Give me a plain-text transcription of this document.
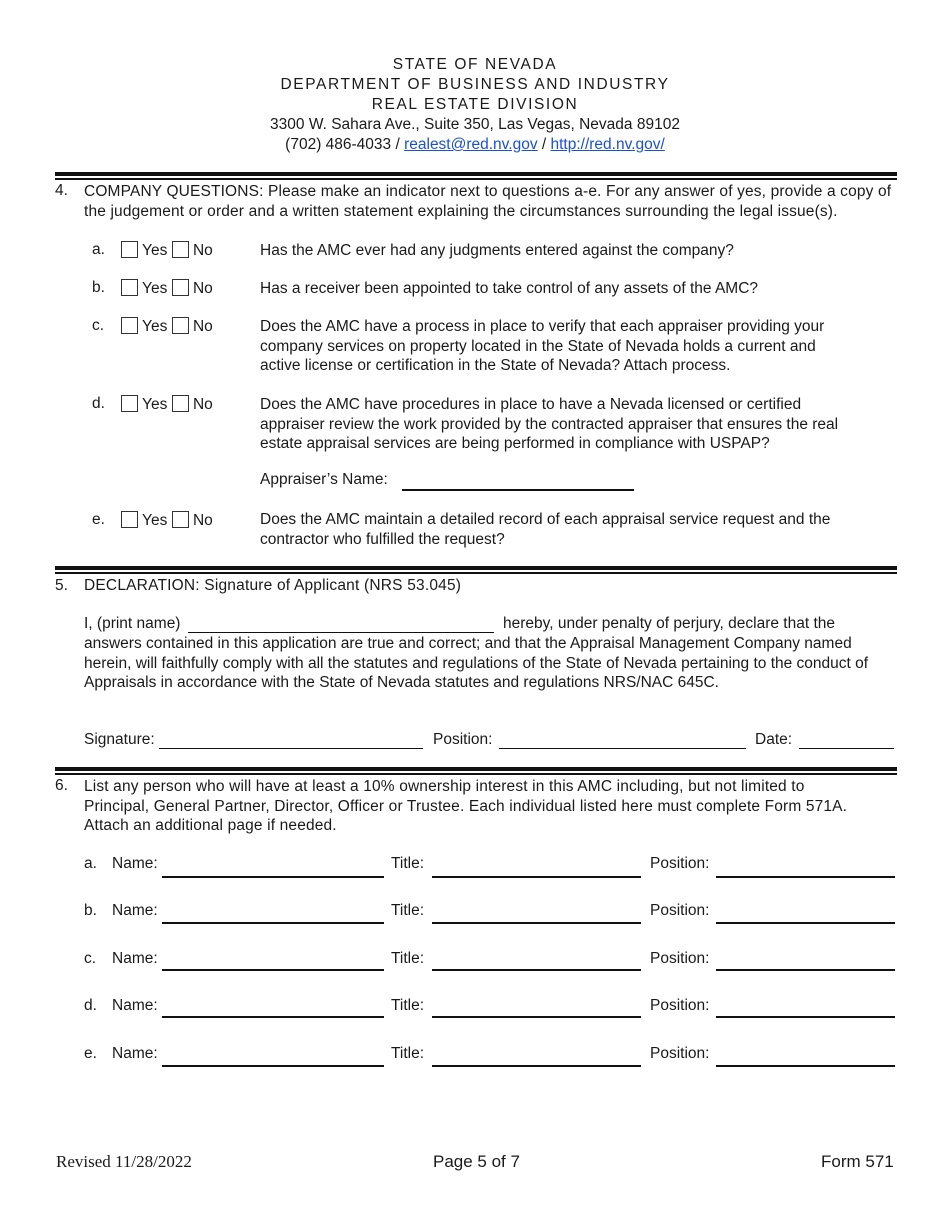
STATE OF NEVADA
DEPARTMENT OF BUSINESS AND INDUSTRY
REAL ESTATE DIVISION
3300 W. Sahara Ave., Suite 350, Las Vegas, Nevada 89102
(702) 486-4033 / realest@red.nv.gov / http://red.nv.gov/
4. COMPANY QUESTIONS: Please make an indicator next to questions a-e. For any answer of yes, provide a copy of the judgement or order and a written statement explaining the circumstances surrounding the legal issue(s).
a.	Yes No	Has the AMC ever had any judgments entered against the company?
b.	Yes No	Has a receiver been appointed to take control of any assets of the AMC?
c.	Yes No	Does the AMC have a process in place to verify that each appraiser providing your company services on property located in the State of Nevada holds a current and active license or certification in the State of Nevada? Attach process.
d.	Yes No	Does the AMC have procedures in place to have a Nevada licensed or certified appraiser review the work provided by the contracted appraiser that ensures the real estate appraisal services are being performed in compliance with USPAP?
Appraiser’s Name:
e.	Yes No	Does the AMC maintain a detailed record of each appraisal service request and the contractor who fulfilled the request?
5. DECLARATION: Signature of Applicant (NRS 53.045)
I, (print name)	hereby, under penalty of perjury, declare that the
answers contained in this application are true and correct; and that the Appraisal Management Company named herein, will faithfully comply with all the statutes and regulations of the State of Nevada pertaining to the conduct of Appraisals in accordance with the State of Nevada statutes and regulations NRS/NAC 645C.
Signature:	Position:	Date:
6. List any person who will have at least a 10% ownership interest in this AMC including, but not limited to Principal, General Partner, Director, Officer or Trustee. Each individual listed here must complete Form 571A. Attach an additional page if needed.
a. Name:	Title:	Position:
b. Name:	Title:	Position:
c. Name:	Title:	Position:
d. Name:	Title:	Position:
e. Name:	Title:	Position:
Revised 11/28/2022	Page 5 of 7	Form 571
